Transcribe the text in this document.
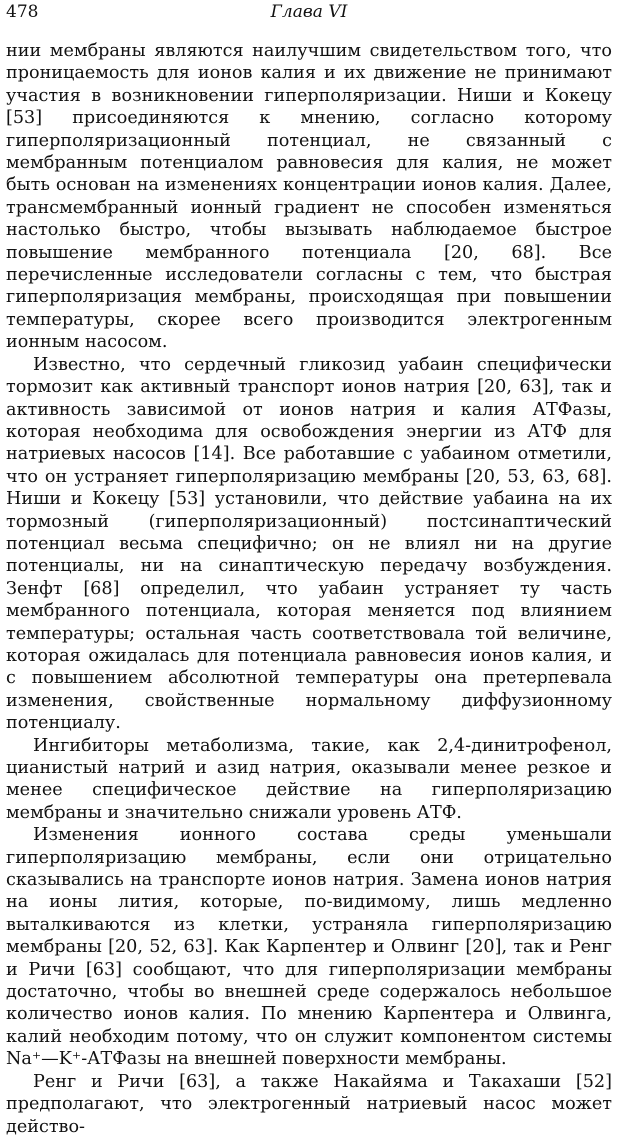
478	Глава VI

нии мембраны являются наилучшим свидетельством того, что проницаемость для ионов калия и их движение не принимают участия в возникновении гиперполяризации. Ниши и Кокецу [53] присоединяются к мнению, согласно которому гиперполяризационный потенциал, не связанный с мембранным потенциалом равновесия для калия, не может быть основан на изменениях концентрации ионов калия. Далее, трансмембранный ионный градиент не способен изменяться настолько быстро, чтобы вызывать наблюдаемое быстрое повышение мембранного потенциала [20, 68]. Все перечисленные исследователи согласны с тем, что быстрая гиперполяризация мембраны, происходящая при повышении температуры, скорее всего производится электрогенным ионным насосом.

Известно, что сердечный гликозид уабаин специфически тормозит как активный транспорт ионов натрия [20, 63], так и активность зависимой от ионов натрия и калия АТФазы, которая необходима для освобождения энергии из АТФ для натриевых насосов [14]. Все работавшие с уабаином отметили, что он устраняет гиперполяризацию мембраны [20, 53, 63, 68]. Ниши и Кокецу [53] установили, что действие уабаина на их тормозный (гиперполяризационный) постсинаптический потенциал весьма специфично; он не влиял ни на другие потенциалы, ни на синаптическую передачу возбуждения. Зенфт [68] определил, что уабаин устраняет ту часть мембранного потенциала, которая меняется под влиянием температуры; остальная часть соответствовала той величине, которая ожидалась для потенциала равновесия ионов калия, и с повышением абсолютной температуры она претерпевала изменения, свойственные нормальному диффузионному потенциалу.

Ингибиторы метаболизма, такие, как 2,4-динитрофенол, цианистый натрий и азид натрия, оказывали менее резкое и менее специфическое действие на гиперполяризацию мембраны и значительно снижали уровень АТФ.

Изменения ионного состава среды уменьшали гиперполяризацию мембраны, если они отрицательно сказывались на транспорте ионов натрия. Замена ионов натрия на ионы лития, которые, по-видимому, лишь медленно выталкиваются из клетки, устраняла гиперполяризацию мембраны [20, 52, 63]. Как Карпентер и Олвинг [20], так и Ренг и Ричи [63] сообщают, что для гиперполяризации мембраны достаточно, чтобы во внешней среде содержалось небольшое количество ионов калия. По мнению Карпентера и Олвинга, калий необходим потому, что он служит компонентом системы Na⁺—K⁺-АТФазы на внешней поверхности мембраны.

Ренг и Ричи [63], а также Накайяма и Такахаши [52] предполагают, что электрогенный натриевый насос может действо-
